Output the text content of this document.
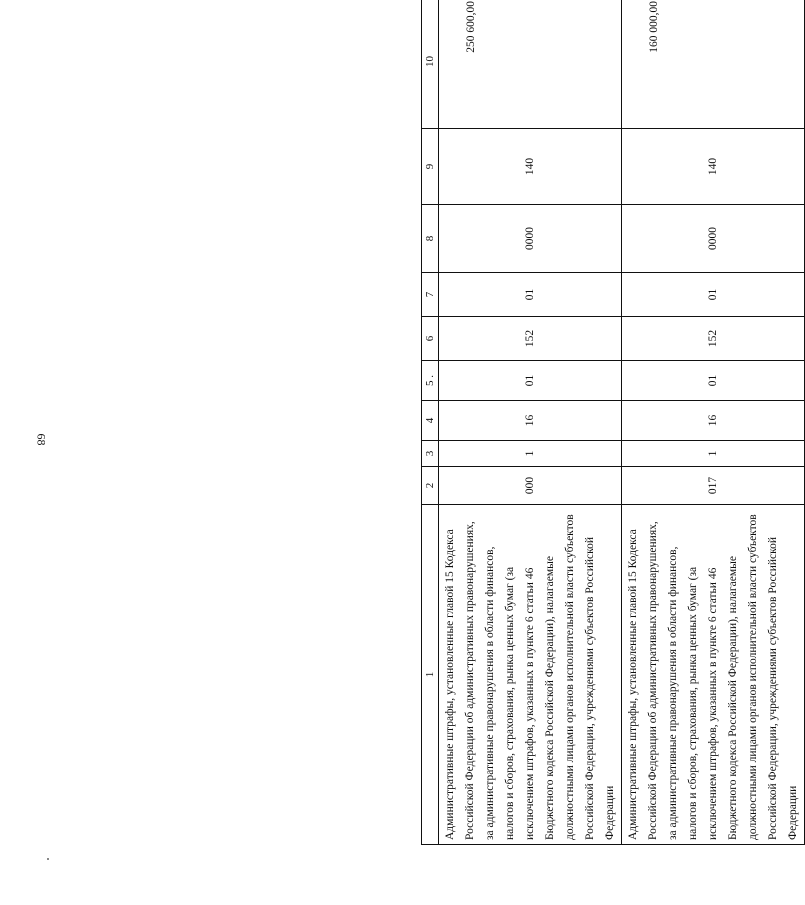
68
1	2	3	4	5 .	6	7	8	9	10
Административные штрафы, установленные главой 15 Кодекса Российской Федерации об административных правонарушениях, за административные правонарушения в области финансов, налогов и сборов, страхования, рынка ценных бумаг (за исключением штрафов, указанных в пункте 6 статьи 46 Бюджетного кодекса Российской Федерации), налагаемые должностными лицами органов исполнительной власти субъектов Российской Федерации, учреждениями субъектов Российской Федерации	000	1	16	01	152	01	0000	140	250 600,00
Административные штрафы, установленные главой 15 Кодекса Российской Федерации об административных правонарушениях, за административные правонарушения в области финансов, налогов и сборов, страхования, рынка ценных бумаг (за исключением штрафов, указанных в пункте 6 статьи 46 Бюджетного кодекса Российской Федерации), налагаемые должностными лицами органов исполнительной власти субъектов Российской Федерации, учреждениями субъектов Российской Федерации	017	1	16	01	152	01	0000	140	160 000,00
